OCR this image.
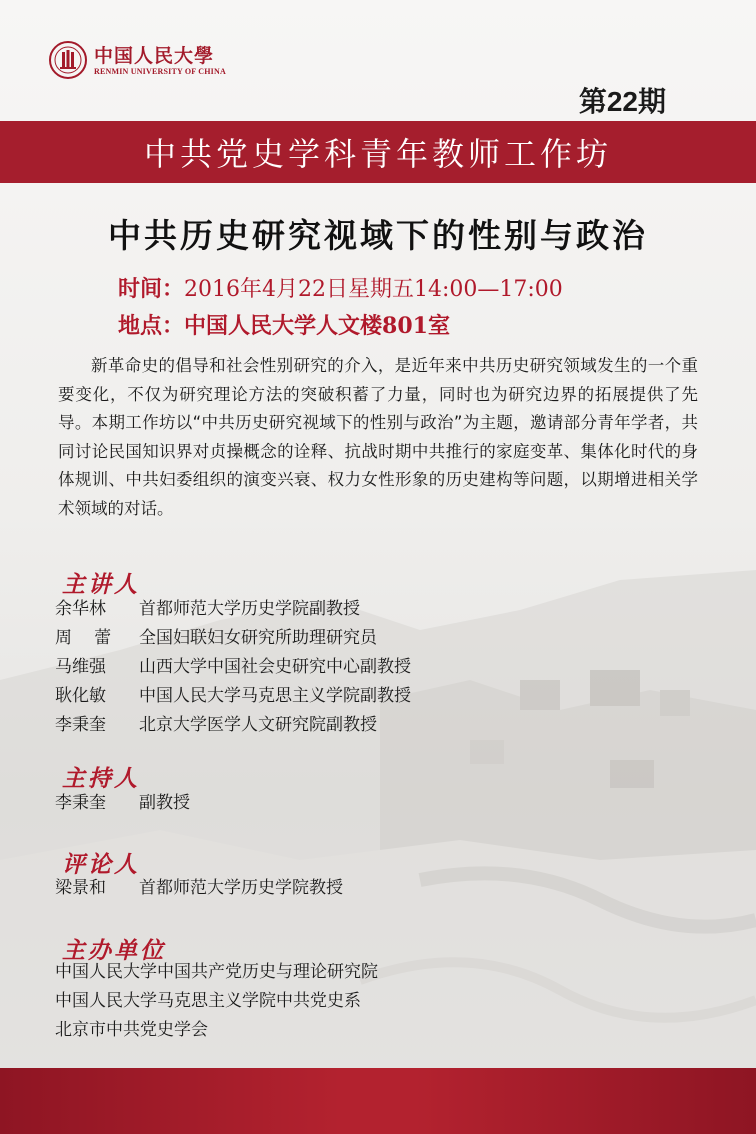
中国人民大學
RENMIN UNIVERSITY OF CHINA
第22期
中共党史学科青年教师工作坊
中共历史研究视域下的性别与政治
时间：2016年4月22日星期五14:00—17:00
地点：中国人民大学人文楼801室
新革命史的倡导和社会性别研究的介入，是近年来中共历史研究领域发生的一个重要变化，不仅为研究理论方法的突破积蓄了力量，同时也为研究边界的拓展提供了先导。本期工作坊以“中共历史研究视域下的性别与政治”为主题，邀请部分青年学者，共同讨论民国知识界对贞操概念的诠释、抗战时期中共推行的家庭变革、集体化时代的身体规训、中共妇委组织的演变兴衰、权力女性形象的历史建构等问题，以期增进相关学术领域的对话。
主讲人
余华林	首都师范大学历史学院副教授
周蕾 全国妇联妇女研究所助理研究员
马维强	山西大学中国社会史研究中心副教授
耿化敏	中国人民大学马克思主义学院副教授
李秉奎	北京大学医学人文研究院副教授
主持人
李秉奎	副教授
评论人
梁景和	首都师范大学历史学院教授
主办单位
中国人民大学中国共产党历史与理论研究院
中国人民大学马克思主义学院中共党史系
北京市中共党史学会
